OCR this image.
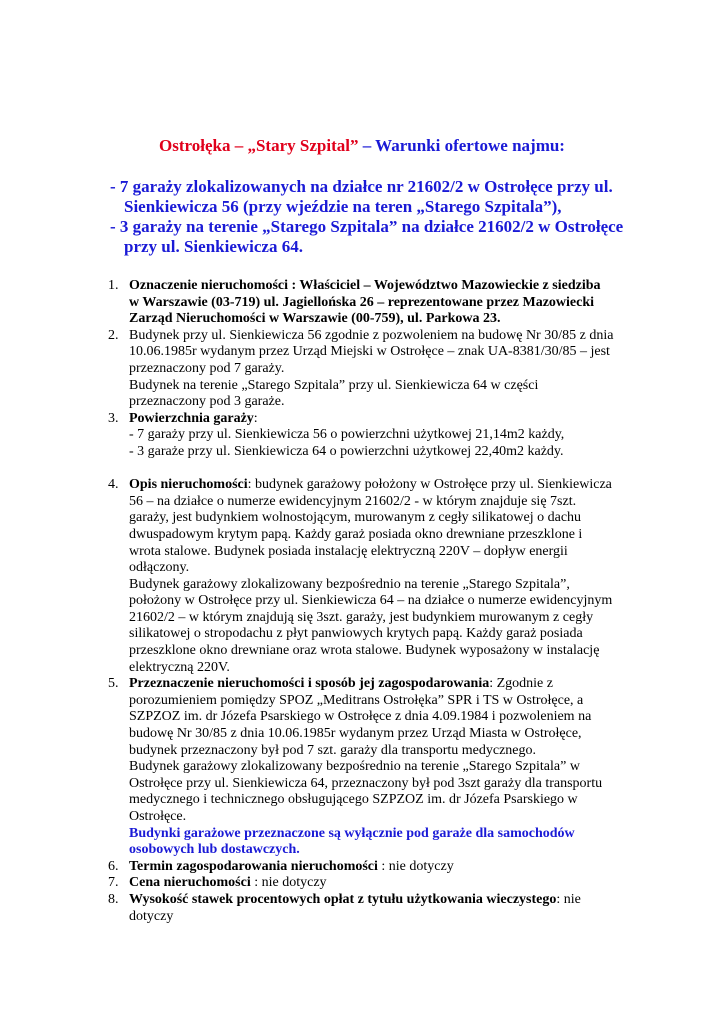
Ostrołęka – „Stary Szpital” – Warunki ofertowe najmu:
- 7 garaży zlokalizowanych na działce nr 21602/2 w Ostrołęce przy ul.
Sienkiewicza 56 (przy wjeździe na teren „Starego Szpitala”),
- 3 garaży na terenie „Starego Szpitala” na działce 21602/2 w Ostrołęce
przy ul. Sienkiewicza 64.
1. Oznaczenie nieruchomości : Właściciel – Województwo Mazowieckie z siedziba
w Warszawie (03-719) ul. Jagiellońska 26 – reprezentowane przez Mazowiecki
Zarząd Nieruchomości w Warszawie (00-759), ul. Parkowa 23.
2. Budynek przy ul. Sienkiewicza 56 zgodnie z pozwoleniem na budowę Nr 30/85 z dnia
10.06.1985r wydanym przez Urząd Miejski w Ostrołęce – znak UA-8381/30/85 – jest
przeznaczony pod 7 garaży.
Budynek na terenie „Starego Szpitala” przy ul. Sienkiewicza 64 w części
przeznaczony pod 3 garaże.
3. Powierzchnia garaży:
- 7 garaży przy ul. Sienkiewicza 56 o powierzchni użytkowej 21,14m2 każdy,
- 3 garaże przy ul. Sienkiewicza 64 o powierzchni użytkowej 22,40m2 każdy.
4. Opis nieruchomości: budynek garażowy położony w Ostrołęce przy ul. Sienkiewicza
56 – na działce o numerze ewidencyjnym 21602/2 - w którym znajduje się 7szt.
garaży, jest budynkiem wolnostojącym, murowanym z cegły silikatowej o dachu
dwuspadowym krytym papą. Każdy garaż posiada okno drewniane przeszklone i
wrota stalowe. Budynek posiada instalację elektryczną 220V – dopływ energii
odłączony.
Budynek garażowy zlokalizowany bezpośrednio na terenie „Starego Szpitala”,
położony w Ostrołęce przy ul. Sienkiewicza 64 – na działce o numerze ewidencyjnym
21602/2 – w którym znajdują się 3szt. garaży, jest budynkiem murowanym z cegły
silikatowej o stropodachu z płyt panwiowych krytych papą. Każdy garaż posiada
przeszklone okno drewniane oraz wrota stalowe. Budynek wyposażony w instalację
elektryczną 220V.
5. Przeznaczenie nieruchomości i sposób jej zagospodarowania: Zgodnie z
porozumieniem pomiędzy SPOZ „Meditrans Ostrołęka” SPR i TS w Ostrołęce, a
SZPZOZ im. dr Józefa Psarskiego w Ostrołęce z dnia 4.09.1984 i pozwoleniem na
budowę Nr 30/85 z dnia 10.06.1985r wydanym przez Urząd Miasta w Ostrołęce,
budynek przeznaczony był pod 7 szt. garaży dla transportu medycznego.
Budynek garażowy zlokalizowany bezpośrednio na terenie „Starego Szpitala” w
Ostrołęce przy ul. Sienkiewicza 64, przeznaczony był pod 3szt garaży dla transportu
medycznego i technicznego obsługującego SZPZOZ im. dr Józefa Psarskiego w
Ostrołęce.
Budynki garażowe przeznaczone są wyłącznie pod garaże dla samochodów
osobowych lub dostawczych.
6. Termin zagospodarowania nieruchomości : nie dotyczy
7. Cena nieruchomości : nie dotyczy
8. Wysokość stawek procentowych opłat z tytułu użytkowania wieczystego: nie
dotyczy
